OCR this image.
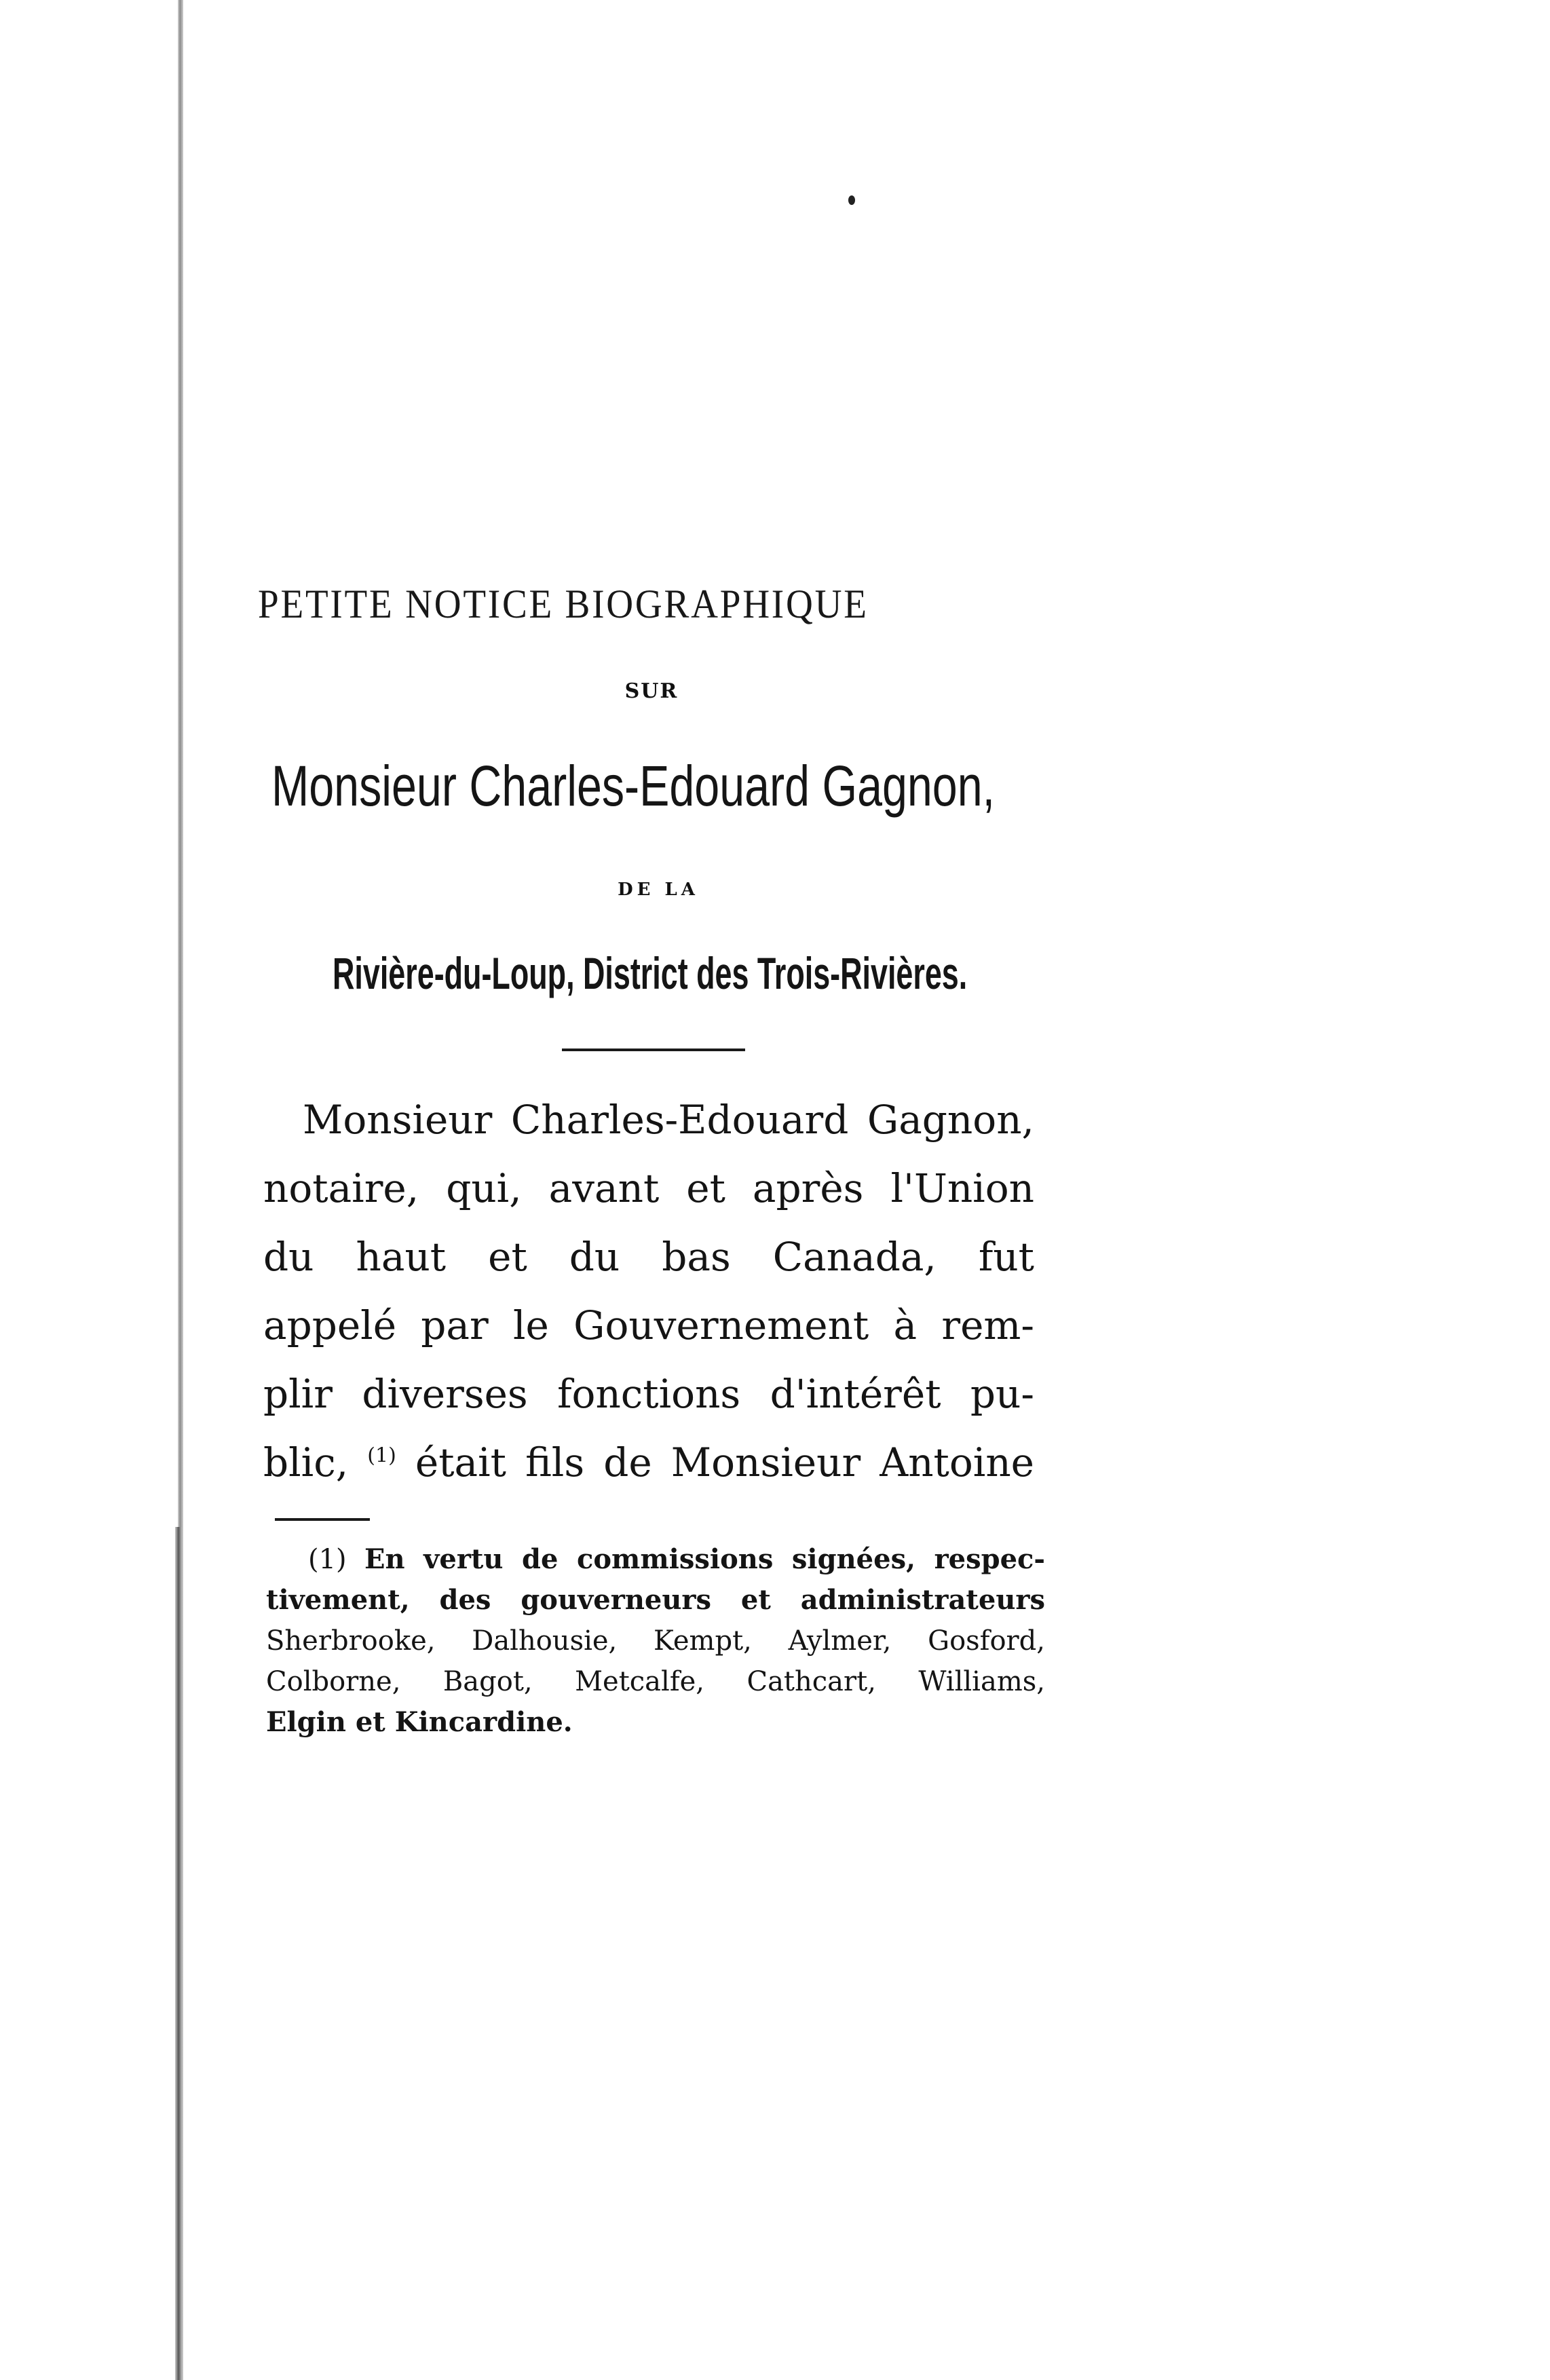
PETITE NOTICE BIOGRAPHIQUE
SUR
Monsieur Charles-Edouard Gagnon,
DE LA
Rivière-du-Loup, District des Trois-Rivières.
Monsieur Charles-Edouard Gagnon,
notaire, qui, avant et après l'Union
du haut et du bas Canada, fut
appelé par le Gouvernement à rem-
plir diverses fonctions d'intérêt pu-
blic, $^{(1)}$ était fils de Monsieur Antoine
(1) En vertu de commissions signées, respec-
tivement, des gouverneurs et administrateurs
Sherbrooke, Dalhousie, Kempt, Aylmer, Gosford,
Colborne, Bagot, Metcalfe, Cathcart, Williams,
Elgin et Kincardine.
